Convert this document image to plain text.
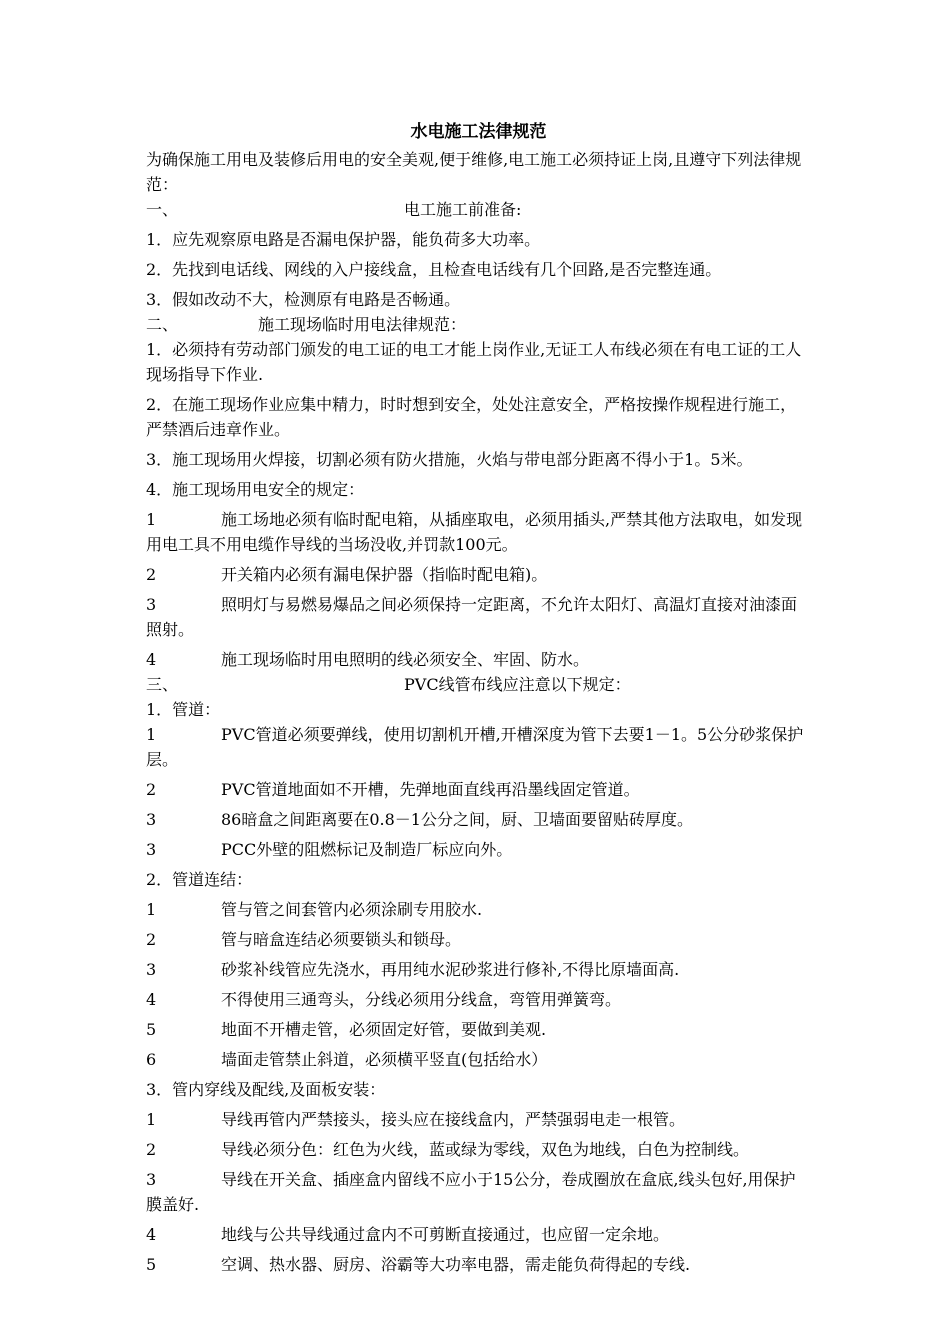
水电施工法律规范

为确保施工用电及装修后用电的安全美观,便于维修,电工施工必须持证上岗,且遵守下列法律规范：

一、	电工施工前准备:

1．应先观察原电路是否漏电保护器，能负荷多大功率。

2．先找到电话线、网线的入户接线盒，且检查电话线有几个回路,是否完整连通。

3．假如改动不大，检测原有电路是否畅通。

二、	施工现场临时用电法律规范：

1．必须持有劳动部门颁发的电工证的电工才能上岗作业,无证工人布线必须在有电工证的工人现场指导下作业.

2．在施工现场作业应集中精力，时时想到安全，处处注意安全，严格按操作规程进行施工，严禁酒后违章作业。

3．施工现场用火焊接，切割必须有防火措施，火焰与带电部分距离不得小于1。5米。

4．施工现场用电安全的规定：

1	施工场地必须有临时配电箱，从插座取电，必须用插头,严禁其他方法取电，如发现用电工具不用电缆作导线的当场没收,并罚款100元。
2	开关箱内必须有漏电保护器（指临时配电箱)。
3	照明灯与易燃易爆品之间必须保持一定距离，不允许太阳灯、高温灯直接对油漆面照射。
4	施工现场临时用电照明的线必须安全、牢固、防水。
三、	PVC线管布线应注意以下规定：

1．管道：

1	PVC管道必须要弹线，使用切割机开槽,开槽深度为管下去要1－1。5公分砂浆保护层。
2	PVC管道地面如不开槽，先弹地面直线再沿墨线固定管道。
3	86暗盒之间距离要在0.8－1公分之间，厨、卫墙面要留贴砖厚度。
3	PCC外壁的阻燃标记及制造厂标应向外。

2．管道连结：

1	管与管之间套管内必须涂刷专用胶水.
2	管与暗盒连结必须要锁头和锁母。
3	砂浆补线管应先浇水，再用纯水泥砂浆进行修补,不得比原墙面高.
4	不得使用三通弯头，分线必须用分线盒，弯管用弹簧弯。
5	地面不开槽走管，必须固定好管，要做到美观.
6	墙面走管禁止斜道，必须横平竖直(包括给水）

3．管内穿线及配线,及面板安装：

1	导线再管内严禁接头，接头应在接线盒内，严禁强弱电走一根管。
2	导线必须分色：红色为火线，蓝或绿为零线，双色为地线，白色为控制线。
3	导线在开关盒、插座盒内留线不应小于15公分，卷成圈放在盒底,线头包好,用保护膜盖好.
4	地线与公共导线通过盒内不可剪断直接通过，也应留一定余地。
5	空调、热水器、厨房、浴霸等大功率电器，需走能负荷得起的专线.
